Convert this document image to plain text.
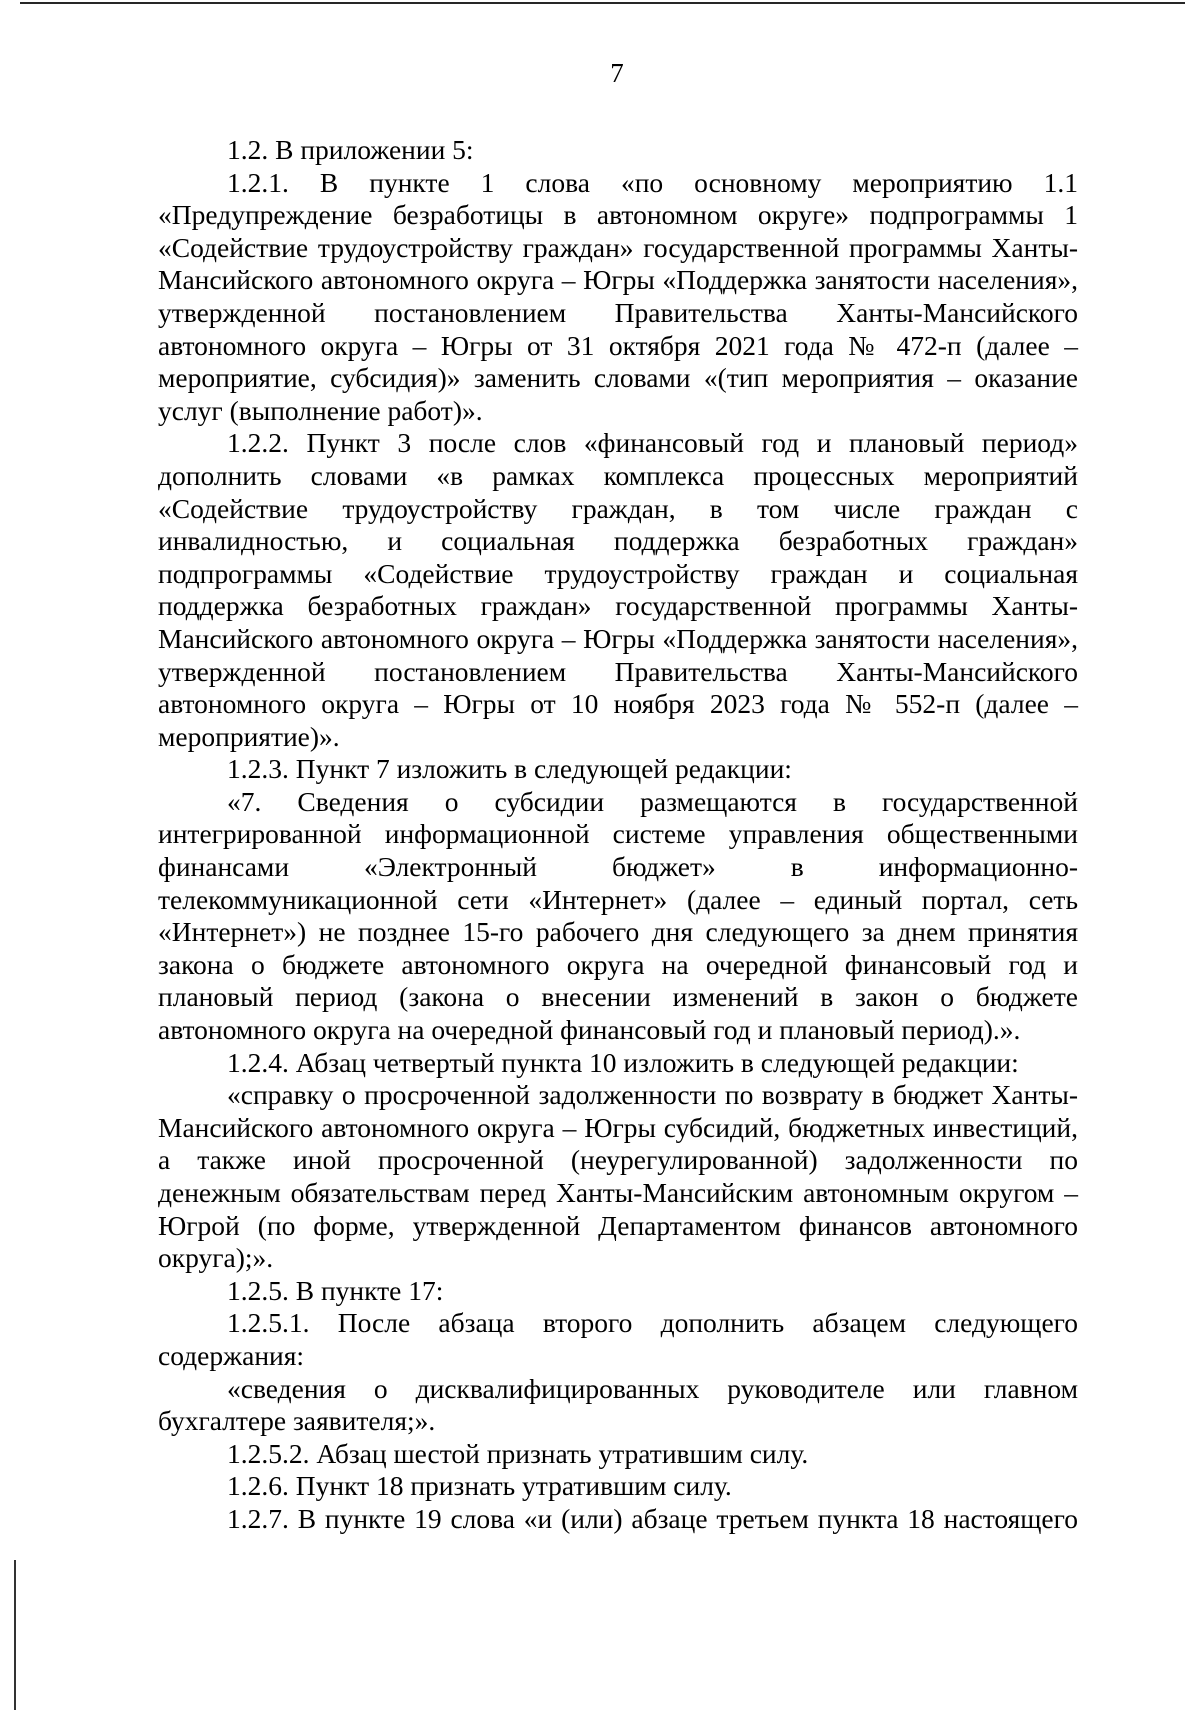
7

1.2. В приложении 5:

1.2.1. В пункте 1 слова «по основному мероприятию 1.1 «Предупреждение безработицы в автономном округе» подпрограммы 1 «Содействие трудоустройству граждан» государственной программы Ханты-Мансийского автономного округа – Югры «Поддержка занятости населения», утвержденной постановлением Правительства Ханты-Мансийского автономного округа – Югры от 31 октября 2021 года № 472-п (далее – мероприятие, субсидия)» заменить словами «(тип мероприятия – оказание услуг (выполнение работ)».

1.2.2. Пункт 3 после слов «финансовый год и плановый период» дополнить словами «в рамках комплекса процессных мероприятий «Содействие трудоустройству граждан, в том числе граждан с инвалидностью, и социальная поддержка безработных граждан» подпрограммы «Содействие трудоустройству граждан и социальная поддержка безработных граждан» государственной программы Ханты-Мансийского автономного округа – Югры «Поддержка занятости населения», утвержденной постановлением Правительства Ханты-Мансийского автономного округа – Югры от 10 ноября 2023 года № 552-п (далее – мероприятие)».

1.2.3. Пункт 7 изложить в следующей редакции:

«7. Сведения о субсидии размещаются в государственной интегрированной информационной системе управления общественными финансами «Электронный бюджет» в информационно-телекоммуникационной сети «Интернет» (далее – единый портал, сеть «Интернет») не позднее 15-го рабочего дня следующего за днем принятия закона о бюджете автономного округа на очередной финансовый год и плановый период (закона о внесении изменений в закон о бюджете автономного округа на очередной финансовый год и плановый период).».

1.2.4. Абзац четвертый пункта 10 изложить в следующей редакции:

«справку о просроченной задолженности по возврату в бюджет Ханты-Мансийского автономного округа – Югры субсидий, бюджетных инвестиций, а также иной просроченной (неурегулированной) задолженности по денежным обязательствам перед Ханты-Мансийским автономным округом – Югрой (по форме, утвержденной Департаментом финансов автономного округа);».

1.2.5. В пункте 17:

1.2.5.1. После абзаца второго дополнить абзацем следующего содержания:

«сведения о дисквалифицированных руководителе или главном бухгалтере заявителя;».

1.2.5.2. Абзац шестой признать утратившим силу.

1.2.6. Пункт 18 признать утратившим силу.

1.2.7. В пункте 19 слова «и (или) абзаце третьем пункта 18 настоящего
